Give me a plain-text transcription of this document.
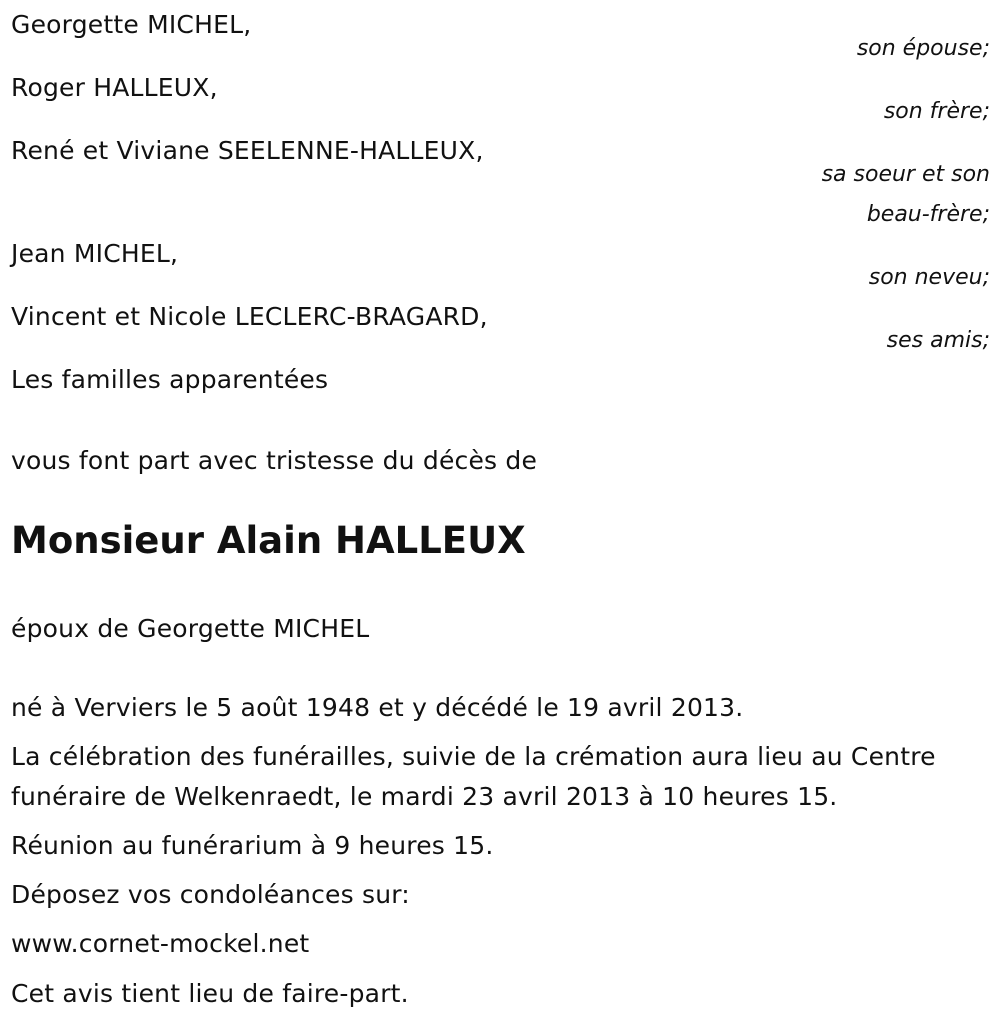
Georgette MICHEL,
son épouse;
Roger HALLEUX,
son frère;
René et Viviane SEELENNE-HALLEUX,
sa soeur et son
beau-frère;
Jean MICHEL,
son neveu;
Vincent et Nicole LECLERC-BRAGARD,
ses amis;
Les familles apparentées
vous font part avec tristesse du décès de
Monsieur Alain HALLEUX
époux de Georgette MICHEL
né à Verviers le 5 août 1948 et y décédé le 19 avril 2013.
La célébration des funérailles, suivie de la crémation aura lieu au Centre funéraire de Welkenraedt, le mardi 23 avril 2013 à 10 heures 15.
Réunion au funérarium à 9 heures 15.
Déposez vos condoléances sur:
www.cornet-mockel.net
Cet avis tient lieu de faire-part.
